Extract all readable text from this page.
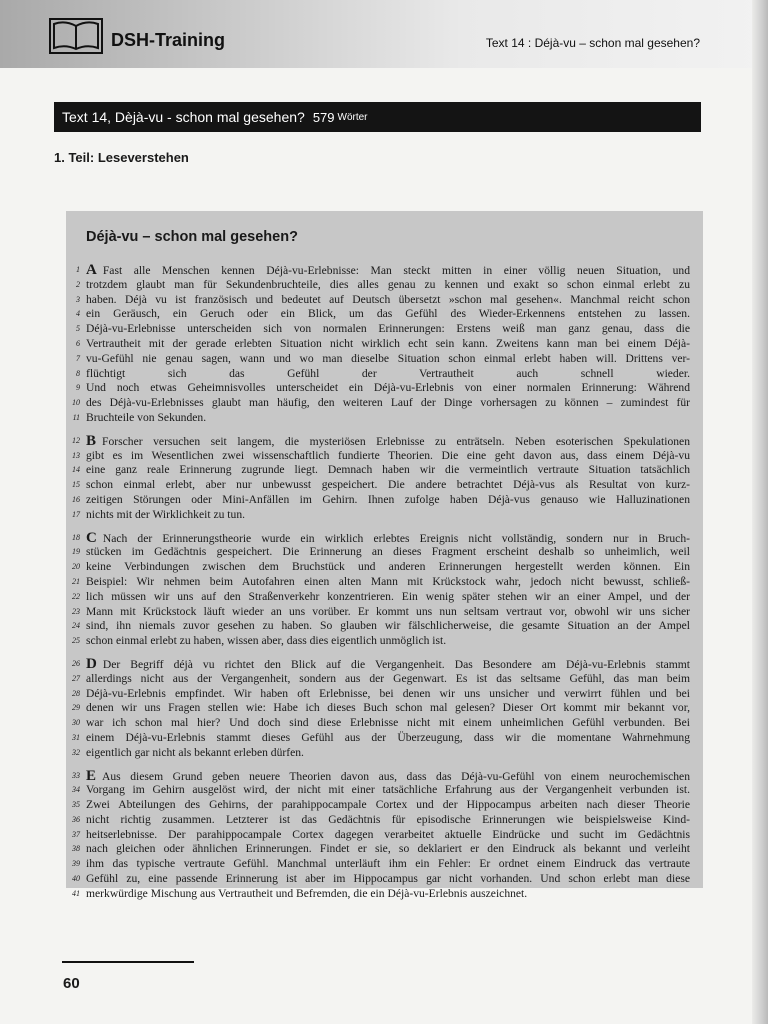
DSH-Training	Text 14 : Déjà-vu – schon mal gesehen?
Text 14, Dèjà-vu - schon mal gesehen? 579 Wörter
1. Teil: Leseverstehen
Déjà-vu – schon mal gesehen?
1 A Fast alle Menschen kennen Déjà-vu-Erlebnisse: Man steckt mitten in einer völlig neuen Situation, und
2 trotzdem glaubt man für Sekundenbruchteile, dies alles genau zu kennen und exakt so schon einmal erlebt zu
3 haben. Déjà vu ist französisch und bedeutet auf Deutsch übersetzt »schon mal gesehen«. Manchmal reicht schon
4 ein Geräusch, ein Geruch oder ein Blick, um das Gefühl des Wieder-Erkennens entstehen zu lassen.
5 Déjà-vu-Erlebnisse unterscheiden sich von normalen Erinnerungen: Erstens weiß man ganz genau, dass die
6 Vertrautheit mit der gerade erlebten Situation nicht wirklich echt sein kann. Zweitens kann man bei einem Déjà-
7 vu-Gefühl nie genau sagen, wann und wo man dieselbe Situation schon einmal erlebt haben will. Drittens ver-
8 flüchtigt sich das Gefühl der Vertrautheit auch schnell wieder.
9 Und noch etwas Geheimnisvolles unterscheidet ein Déjà-vu-Erlebnis von einer normalen Erinnerung: Während
10 des Déjà-vu-Erlebnisses glaubt man häufig, den weiteren Lauf der Dinge vorhersagen zu können – zumindest für
11 Bruchteile von Sekunden.
12 B Forscher versuchen seit langem, die mysteriösen Erlebnisse zu enträtseln. Neben esoterischen Spekulationen
13 gibt es im Wesentlichen zwei wissenschaftlich fundierte Theorien. Die eine geht davon aus, dass einem Déjà-vu
14 eine ganz reale Erinnerung zugrunde liegt. Demnach haben wir die vermeintlich vertraute Situation tatsächlich
15 schon einmal erlebt, aber nur unbewusst gespeichert. Die andere betrachtet Déjà-vus als Resultat von kurz-
16 zeitigen Störungen oder Mini-Anfällen im Gehirn. Ihnen zufolge haben Déjà-vus genauso wie Halluzinationen
17 nichts mit der Wirklichkeit zu tun.
18 C Nach der Erinnerungstheorie wurde ein wirklich erlebtes Ereignis nicht vollständig, sondern nur in Bruch-
19 stücken im Gedächtnis gespeichert. Die Erinnerung an dieses Fragment erscheint deshalb so unheimlich, weil
20 keine Verbindungen zwischen dem Bruchstück und anderen Erinnerungen hergestellt werden können. Ein
21 Beispiel: Wir nehmen beim Autofahren einen alten Mann mit Krückstock wahr, jedoch nicht bewusst, schließ-
22 lich müssen wir uns auf den Straßenverkehr konzentrieren. Ein wenig später stehen wir an einer Ampel, und der
23 Mann mit Krückstock läuft wieder an uns vorüber. Er kommt uns nun seltsam vertraut vor, obwohl wir uns sicher
24 sind, ihn niemals zuvor gesehen zu haben. So glauben wir fälschlicherweise, die gesamte Situation an der Ampel
25 schon einmal erlebt zu haben, wissen aber, dass dies eigentlich unmöglich ist.
26 D Der Begriff déjà vu richtet den Blick auf die Vergangenheit. Das Besondere am Déjà-vu-Erlebnis stammt
27 allerdings nicht aus der Vergangenheit, sondern aus der Gegenwart. Es ist das seltsame Gefühl, das man beim
28 Déjà-vu-Erlebnis empfindet. Wir haben oft Erlebnisse, bei denen wir uns unsicher und verwirrt fühlen und bei
29 denen wir uns Fragen stellen wie: Habe ich dieses Buch schon mal gelesen? Dieser Ort kommt mir bekannt vor,
30 war ich schon mal hier? Und doch sind diese Erlebnisse nicht mit einem unheimlichen Gefühl verbunden. Bei
31 einem Déjà-vu-Erlebnis stammt dieses Gefühl aus der Überzeugung, dass wir die momentane Wahrnehmung
32 eigentlich gar nicht als bekannt erleben dürfen.
33 E Aus diesem Grund geben neuere Theorien davon aus, dass das Déjà-vu-Gefühl von einem neurochemischen
34 Vorgang im Gehirn ausgelöst wird, der nicht mit einer tatsächliche Erfahrung aus der Vergangenheit verbunden ist.
35 Zwei Abteilungen des Gehirns, der parahippocampale Cortex und der Hippocampus arbeiten nach dieser Theorie
36 nicht richtig zusammen. Letzterer ist das Gedächtnis für episodische Erinnerungen wie beispielsweise Kind-
37 heitserlebnisse. Der parahippocampale Cortex dagegen verarbeitet aktuelle Eindrücke und sucht im Gedächtnis
38 nach gleichen oder ähnlichen Erinnerungen. Findet er sie, so deklariert er den Eindruck als bekannt und verleiht
39 ihm das typische vertraute Gefühl. Manchmal unterläuft ihm ein Fehler: Er ordnet einem Eindruck das vertraute
40 Gefühl zu, eine passende Erinnerung ist aber im Hippocampus gar nicht vorhanden. Und schon erlebt man diese
41 merkwürdige Mischung aus Vertrautheit und Befremden, die ein Déjà-vu-Erlebnis auszeichnet.
60
